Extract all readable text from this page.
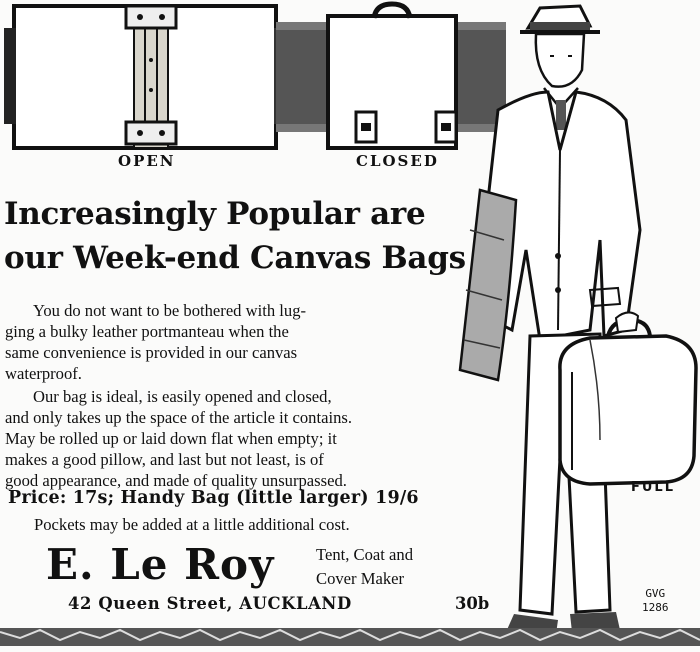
OPEN	CLOSED

Increasingly Popular are
our Week-end Canvas Bags

You do not want to be bothered with lug-
ging a bulky leather portmanteau when the
same convenience is provided in our canvas
waterproof.

Our bag is ideal, is easily opened and closed,
and only takes up the space of the article it contains.
May be rolled up or laid down flat when empty; it
makes a good pillow, and last but not least, is of
good appearance, and made of quality unsurpassed.

Price: 17s; Handy Bag (little larger) 19/6

Pockets may be added at a little additional cost.

E. Le Roy	Tent, Coat and
Cover Maker

42 Queen Street, AUCKLAND	30b

FULL

GVG
1286
